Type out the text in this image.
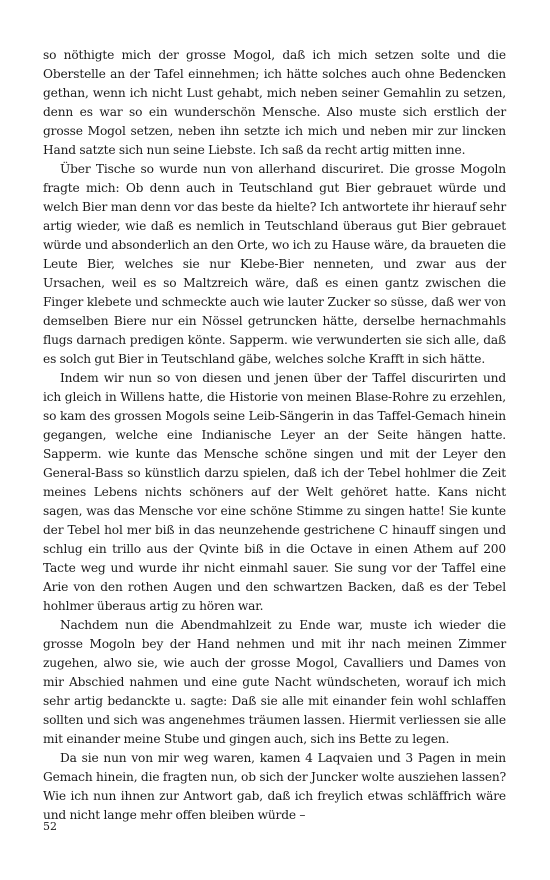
so nöthigte mich der grosse Mogol, daß ich mich setzen solte und die Oberstelle an der Tafel einnehmen; ich hätte solches auch ohne Bedencken gethan, wenn ich nicht Lust gehabt, mich neben seiner Gemahlin zu setzen, denn es war so ein wunderschön Mensche. Also muste sich erstlich der grosse Mogol setzen, neben ihn setzte ich mich und neben mir zur lincken Hand satzte sich nun seine Liebste. Ich saß da recht artig mitten inne.

Über Tische so wurde nun von allerhand discuriret. Die grosse Mogoln fragte mich: Ob denn auch in Teutschland gut Bier gebrauet würde und welch Bier man denn vor das beste da hielte? Ich antwortete ihr hierauf sehr artig wieder, wie daß es nemlich in Teutschland überaus gut Bier gebrauet würde und absonderlich an den Orte, wo ich zu Hause wäre, da braueten die Leute Bier, welches sie nur Klebe-Bier nenneten, und zwar aus der Ursachen, weil es so Maltzreich wäre, daß es einen gantz zwischen die Finger klebete und schmeckte auch wie lauter Zucker so süsse, daß wer von demselben Biere nur ein Nössel getruncken hätte, derselbe hernachmahls flugs darnach predigen könte. Sapperm. wie verwunderten sie sich alle, daß es solch gut Bier in Teutschland gäbe, welches solche Krafft in sich hätte.

Indem wir nun so von diesen und jenen über der Taffel discurirten und ich gleich in Willens hatte, die Historie von meinen Blase-Rohre zu erzehlen, so kam des grossen Mogols seine Leib-Sängerin in das Taffel-Gemach hinein gegangen, welche eine Indianische Leyer an der Seite hängen hatte. Sapperm. wie kunte das Mensche schöne singen und mit der Leyer den General-Bass so künstlich darzu spielen, daß ich der Tebel hohlmer die Zeit meines Lebens nichts schöners auf der Welt gehöret hatte. Kans nicht sagen, was das Mensche vor eine schöne Stimme zu singen hatte! Sie kunte der Tebel hol mer biß in das neunzehende gestrichene C hinauff singen und schlug ein trillo aus der Qvinte biß in die Octave in einen Athem auf 200 Tacte weg und wurde ihr nicht einmahl sauer. Sie sung vor der Taffel eine Arie von den rothen Augen und den schwartzen Backen, daß es der Tebel hohlmer überaus artig zu hören war.

Nachdem nun die Abendmahlzeit zu Ende war, muste ich wieder die grosse Mogoln bey der Hand nehmen und mit ihr nach meinen Zimmer zugehen, alwo sie, wie auch der grosse Mogol, Cavalliers und Dames von mir Abschied nahmen und eine gute Nacht wündscheten, worauf ich mich sehr artig bedanckte u. sagte: Daß sie alle mit einander fein wohl schlaffen sollten und sich was angenehmes träumen lassen. Hiermit verliessen sie alle mit einander meine Stube und gingen auch, sich ins Bette zu legen.

Da sie nun von mir weg waren, kamen 4 Laqvaien und 3 Pagen in mein Gemach hinein, die fragten nun, ob sich der Juncker wolte ausziehen lassen? Wie ich nun ihnen zur Antwort gab, daß ich freylich etwas schläffrich wäre und nicht lange mehr offen bleiben würde –

52
